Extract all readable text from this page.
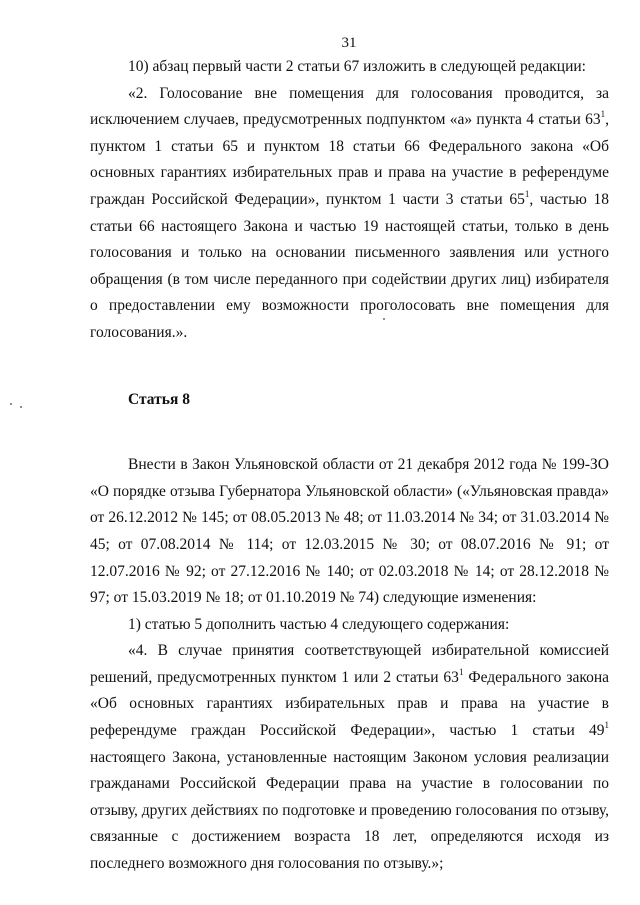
31

10) абзац первый части 2 статьи 67 изложить в следующей редакции:

«2. Голосование вне помещения для голосования проводится, за исключением случаев, предусмотренных подпунктом «а» пункта 4 статьи $63^1$, пунктом 1 статьи 65 и пунктом 18 статьи 66 Федерального закона «Об основных гарантиях избирательных прав и права на участие в референдуме граждан Российской Федерации», пунктом 1 части 3 статьи $65^1$, частью 18 статьи 66 настоящего Закона и частью 19 настоящей статьи, только в день голосования и только на основании письменного заявления или устного обращения (в том числе переданного при содействии других лиц) избирателя о предоставлении ему возможности проголосовать вне помещения для голосования.».

Статья 8

Внести в Закон Ульяновской области от 21 декабря 2012 года № 199-ЗО «О порядке отзыва Губернатора Ульяновской области» («Ульяновская правда» от 26.12.2012 № 145; от 08.05.2013 № 48; от 11.03.2014 № 34; от 31.03.2014 № 45; от 07.08.2014 № 114; от 12.03.2015 № 30; от 08.07.2016 № 91; от 12.07.2016 № 92; от 27.12.2016 № 140; от 02.03.2018 № 14; от 28.12.2018 № 97; от 15.03.2019 № 18; от 01.10.2019 № 74) следующие изменения:

1) статью 5 дополнить частью 4 следующего содержания:

«4. В случае принятия соответствующей избирательной комиссией решений, предусмотренных пунктом 1 или 2 статьи $63^1$ Федерального закона «Об основных гарантиях избирательных прав и права на участие в референдуме граждан Российской Федерации», частью 1 статьи $49^1$ настоящего Закона, установленные настоящим Законом условия реализации гражданами Российской Федерации права на участие в голосовании по отзыву, других действиях по подготовке и проведению голосования по отзыву, связанные с достижением возраста 18 лет, определяются исходя из последнего возможного дня голосования по отзыву.»;
